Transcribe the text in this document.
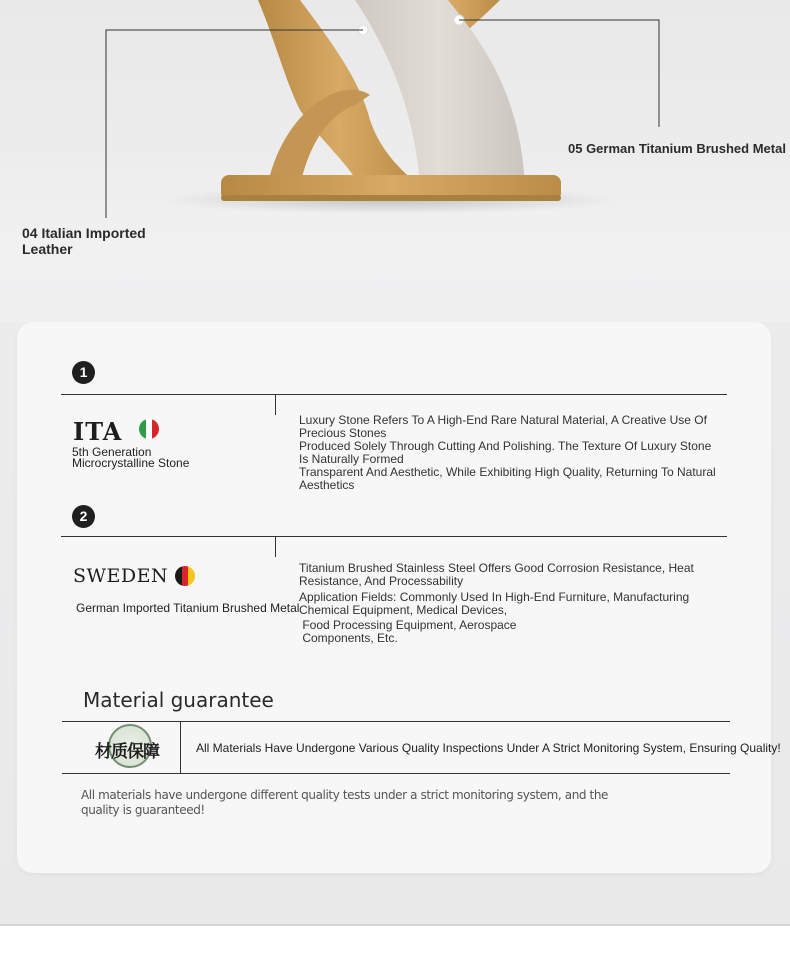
04 Italian Imported
Leather
05 German Titanium Brushed Metal
1
ITA
5th Generation
Microcrystalline Stone
Luxury Stone Refers To A High-End Rare Natural Material, A Creative Use Of Precious Stones
Produced Solely Through Cutting And Polishing. The Texture Of Luxury Stone Is Naturally Formed
Transparent And Aesthetic, While Exhibiting High Quality, Returning To Natural Aesthetics
2
SWEDEN
German Imported Titanium Brushed Metal
Titanium Brushed Stainless Steel Offers Good Corrosion Resistance, Heat Resistance, And Processability
Application Fields: Commonly Used In High-End Furniture, Manufacturing Chemical Equipment, Medical Devices,
Food Processing Equipment, Aerospace
Components, Etc.
Material guarantee
材质保障	All Materials Have Undergone Various Quality Inspections Under A Strict Monitoring System, Ensuring Quality!
All materials have undergone different quality tests under a strict monitoring system, and the
quality is guaranteed!
